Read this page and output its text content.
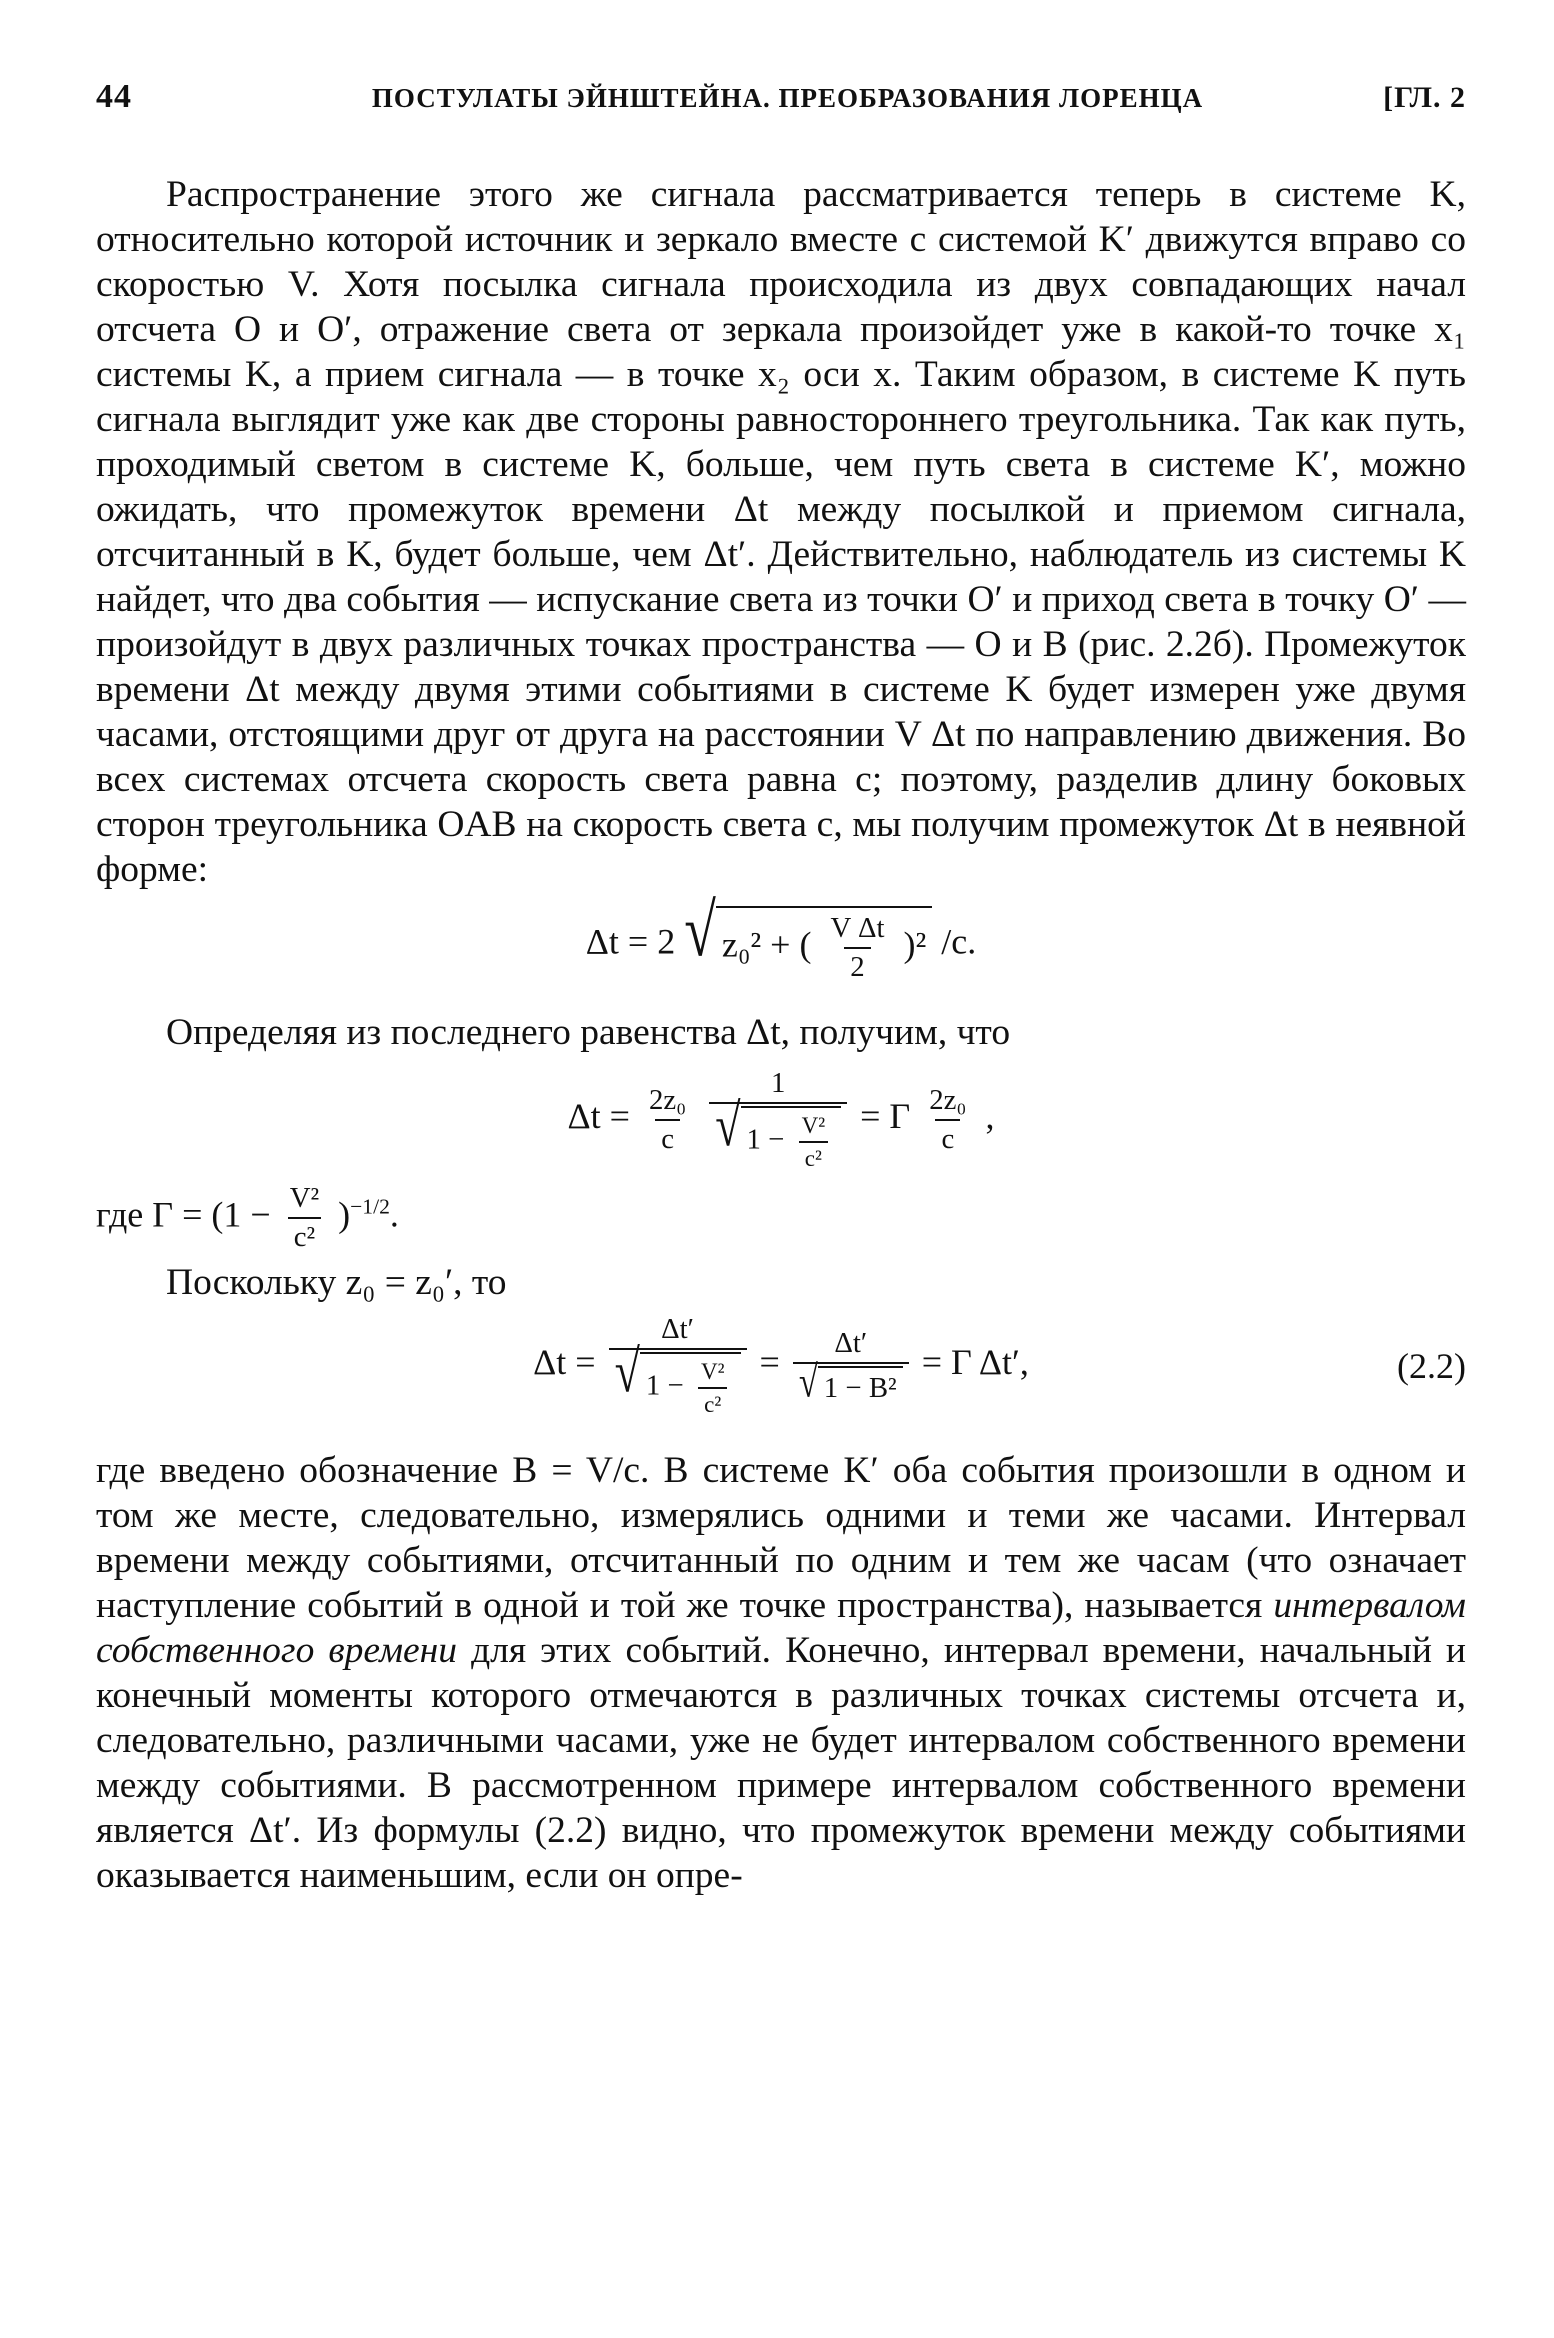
44	ПОСТУЛАТЫ ЭЙНШТЕЙНА. ПРЕОБРАЗОВАНИЯ ЛОРЕНЦА	[ГЛ. 2

Распространение этого же сигнала рассматривается теперь в системе K, относительно которой источник и зеркало вместе с системой K′ движутся вправо со скоростью V. Хотя посылка сигнала происходила из двух совпадающих начал отсчета O и O′, отражение света от зеркала произойдет уже в какой-то точке x₁ системы K, а прием сигнала — в точке x₂ оси x. Таким образом, в системе K путь сигнала выглядит уже как две стороны равностороннего треугольника. Так как путь, проходимый светом в системе K, больше, чем путь света в системе K′, можно ожидать, что промежуток времени Δt между посылкой и приемом сигнала, отсчитанный в K, будет больше, чем Δt′. Действительно, наблюдатель из системы K найдет, что два события — испускание света из точки O′ и приход света в точку O′ — произойдут в двух различных точках пространства — O и B (рис. 2.2б). Промежуток времени Δt между двумя этими событиями в системе K будет измерен уже двумя часами, отстоящими друг от друга на расстоянии V Δt по направлению движения. Во всех системах отсчета скорость света равна c; поэтому, разделив длину боковых сторон треугольника OAB на скорость света c, мы получим промежуток Δt в неявной форме:

Δt = 2 √ z₀² + ( $\frac{\text{V Δt}}{2} )^2$ /c.

Определяя из последнего равенства Δt, получим, что

$\Delta t = \frac{\text{2z₀}}{c}$
$\frac{1}{√ 1 - \frac{\text{V²}}{\text{c²}}} = \Gamma \frac{\text{2z₀}}{c}$ ,
где $\Gamma = (1 - \frac{\text{V²}}{\text{c²}} )^{-1/2}$.

Поскольку z₀ = z₀′, то

$\Delta t = \frac{\Delta t'}{√ 1 - \frac{\text{V²}}{\text{c²}}} = \frac{\Delta t'}{\text{√ 1 − B²}} = \Gamma$ Δt′,	(2.2)

где введено обозначение B = V/c. В системе K′ оба события произошли в одном и том же месте, следовательно, измерялись одними и теми же часами. Интервал времени между событиями, отсчитанный по одним и тем же часам (что означает наступление событий в одной и той же точке пространства), называется интервалом собственного времени для этих событий. Конечно, интервал времени, начальный и конечный моменты которого отмечаются в различных точках системы отсчета и, следовательно, различными часами, уже не будет интервалом собственного времени между событиями. В рассмотренном примере интервалом собственного времени является Δt′. Из формулы (2.2) видно, что промежуток времени между событиями оказывается наименьшим, если он опре-
